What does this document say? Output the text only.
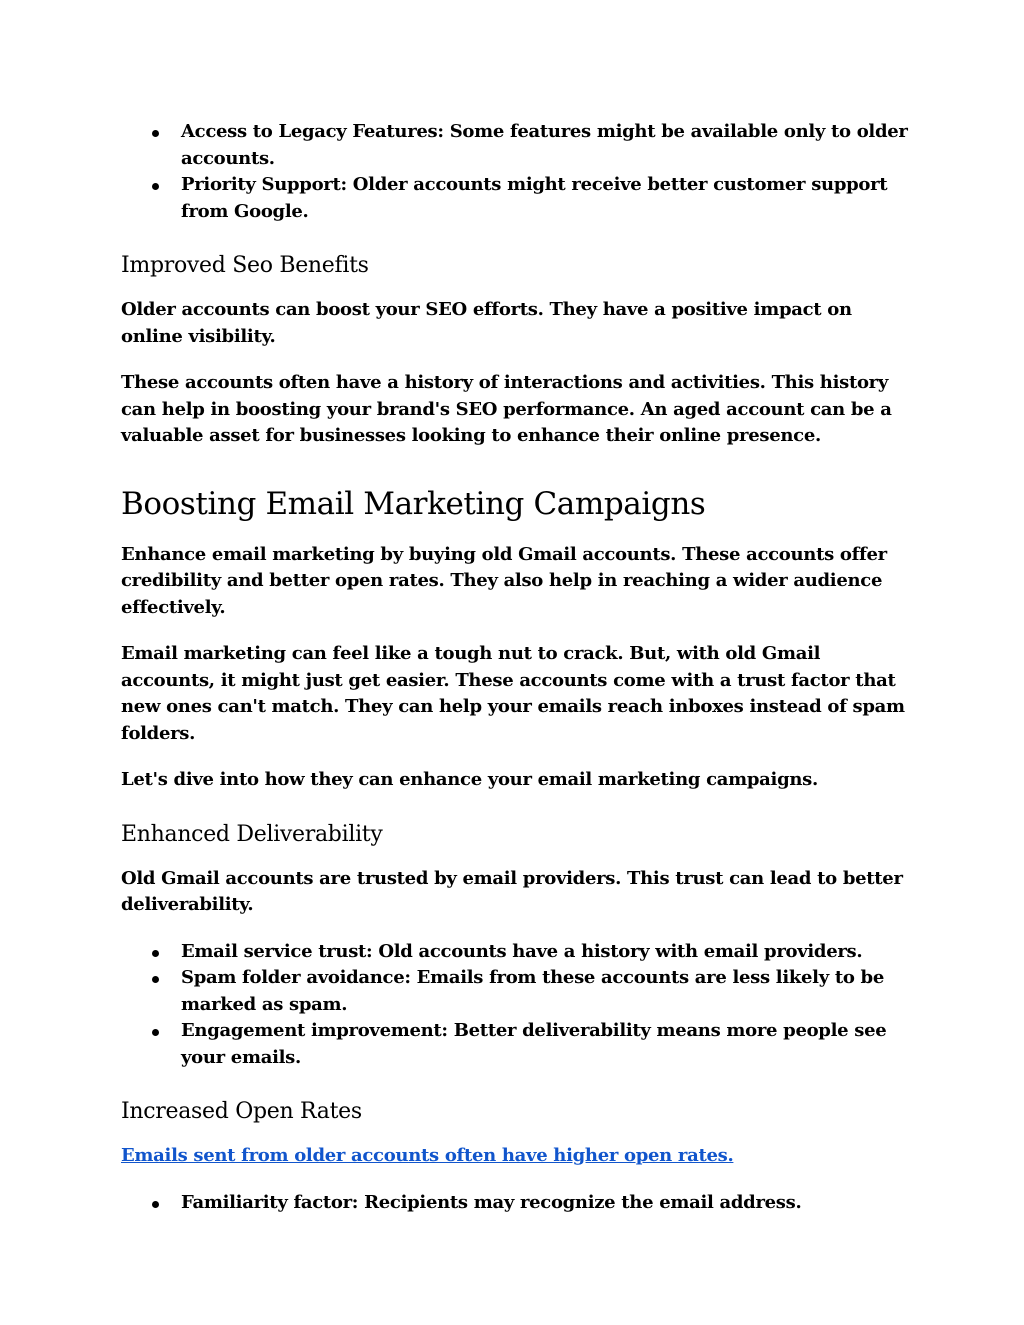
Access to Legacy Features: Some features might be available only to older accounts.
Priority Support: Older accounts might receive better customer support from Google.
Improved Seo Benefits

Older accounts can boost your SEO efforts. They have a positive impact on online visibility.

These accounts often have a history of interactions and activities. This history can help in boosting your brand's SEO performance. An aged account can be a valuable asset for businesses looking to enhance their online presence.

Boosting Email Marketing Campaigns

Enhance email marketing by buying old Gmail accounts. These accounts offer credibility and better open rates. They also help in reaching a wider audience effectively.

Email marketing can feel like a tough nut to crack. But, with old Gmail accounts, it might just get easier. These accounts come with a trust factor that new ones can't match. They can help your emails reach inboxes instead of spam folders.

Let's dive into how they can enhance your email marketing campaigns.

Enhanced Deliverability

Old Gmail accounts are trusted by email providers. This trust can lead to better deliverability.

Email service trust: Old accounts have a history with email providers.
Spam folder avoidance: Emails from these accounts are less likely to be marked as spam.
Engagement improvement: Better deliverability means more people see your emails.
Increased Open Rates

Emails sent from older accounts often have higher open rates.

Familiarity factor: Recipients may recognize the email address.
